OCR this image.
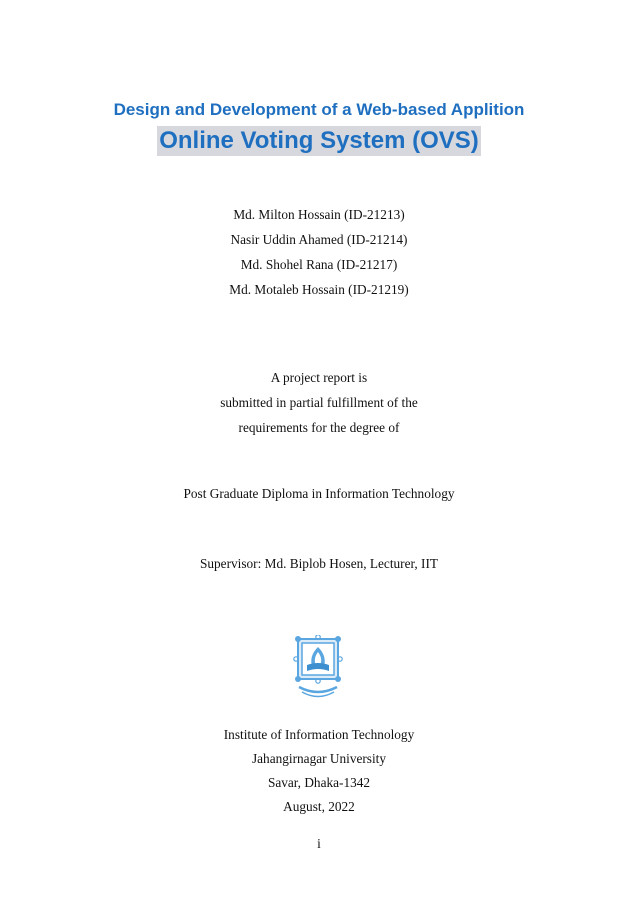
Design and Development of a Web-based Applition
Online Voting System (OVS)
Md. Milton Hossain (ID-21213)
Nasir Uddin Ahamed (ID-21214)
Md. Shohel Rana (ID-21217)
Md. Motaleb Hossain (ID-21219)
A project report is
submitted in partial fulfillment of the
requirements for the degree of
Post Graduate Diploma in Information Technology
Supervisor: Md. Biplob Hosen, Lecturer, IIT
Institute of Information Technology
Jahangirnagar University
Savar, Dhaka-1342
August, 2022
i
